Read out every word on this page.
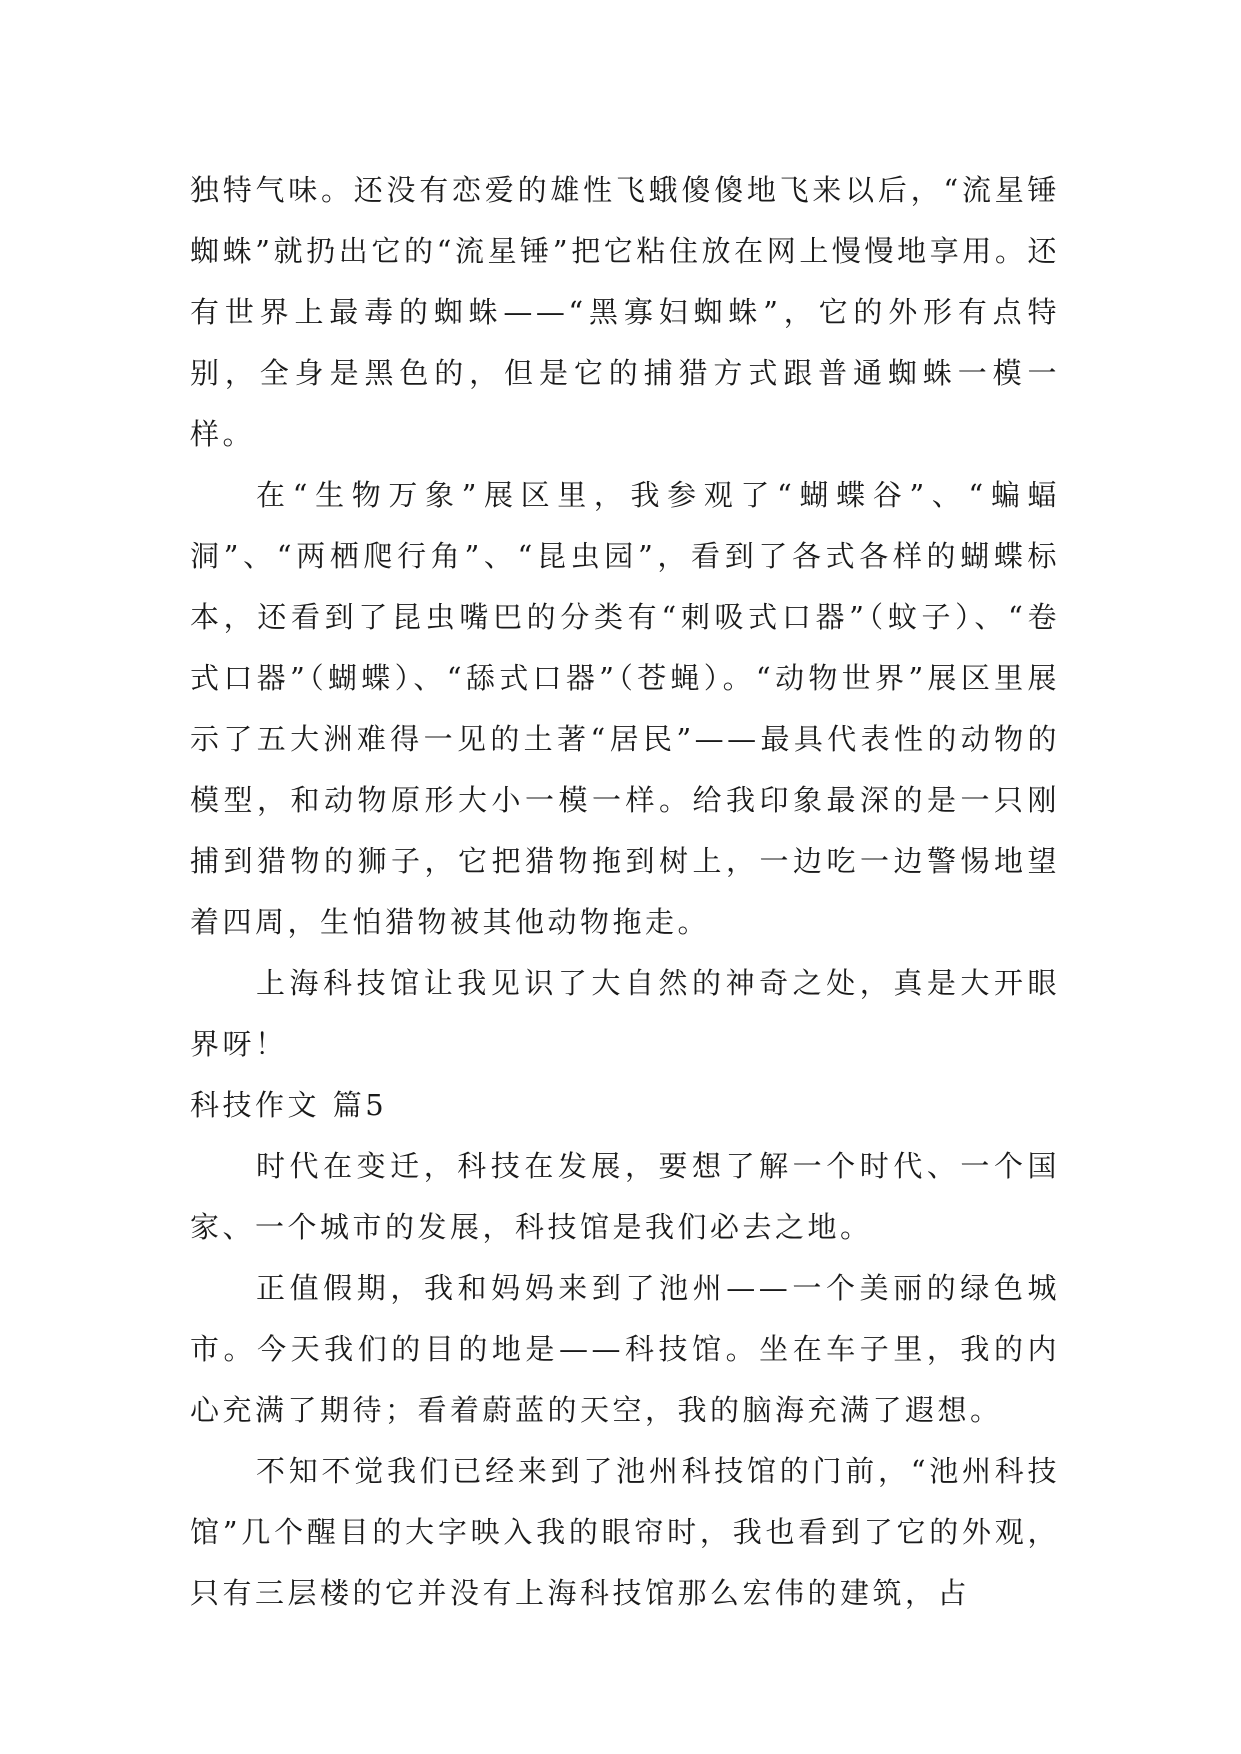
独特气味。还没有恋爱的雄性飞蛾傻傻地飞来以后，“流星锤蜘蛛”就扔出它的“流星锤”把它粘住放在网上慢慢地享用。还有世界上最毒的蜘蛛——“黑寡妇蜘蛛”，它的外形有点特别，全身是黑色的，但是它的捕猎方式跟普通蜘蛛一模一样。

在“生物万象”展区里，我参观了“蝴蝶谷”、“蝙蝠洞”、“两栖爬行角”、“昆虫园”，看到了各式各样的蝴蝶标本，还看到了昆虫嘴巴的分类有“刺吸式口器”（蚊子）、“卷式口器”（蝴蝶）、“舔式口器”（苍蝇）。“动物世界”展区里展示了五大洲难得一见的土著“居民”——最具代表性的动物的模型，和动物原形大小一模一样。给我印象最深的是一只刚捕到猎物的狮子，它把猎物拖到树上，一边吃一边警惕地望着四周，生怕猎物被其他动物拖走。

上海科技馆让我见识了大自然的神奇之处，真是大开眼界呀！

科技作文 篇5

时代在变迁，科技在发展，要想了解一个时代、一个国家、一个城市的发展，科技馆是我们必去之地。

正值假期，我和妈妈来到了池州——一个美丽的绿色城市。今天我们的目的地是——科技馆。坐在车子里，我的内心充满了期待；看着蔚蓝的天空，我的脑海充满了遐想。

不知不觉我们已经来到了池州科技馆的门前，“池州科技馆”几个醒目的大字映入我的眼帘时，我也看到了它的外观，只有三层楼的它并没有上海科技馆那么宏伟的建筑，占
